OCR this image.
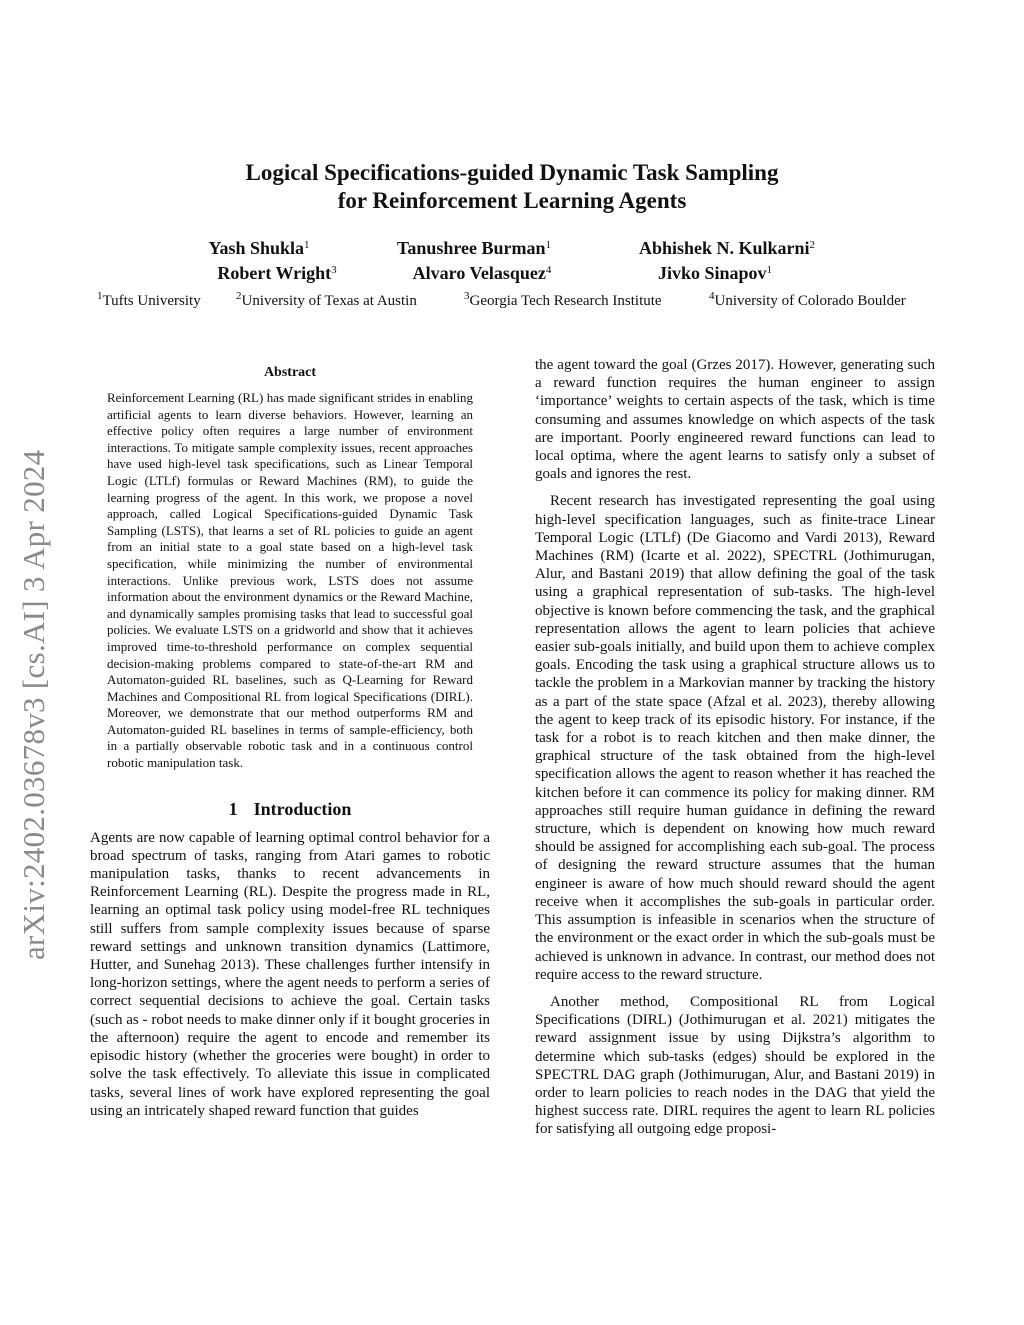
arXiv:2402.03678v3 [cs.AI] 3 Apr 2024
Logical Specifications-guided Dynamic Task Sampling
for Reinforcement Learning Agents
Yash Shukla$^1$	Tanushree Burman$^1$	Abhishek N. Kulkarni$^2$
Robert Wright$^3$	Alvaro Velasquez$^4$	Jivko Sinapov$^1$
$^1$Tufts University	$^2$University of Texas at Austin	$^3$Georgia Tech Research Institute	$^4$University of Colorado Boulder
Abstract

Reinforcement Learning (RL) has made significant strides in enabling artificial agents to learn diverse behaviors. However, learning an effective policy often requires a large number of environment interactions. To mitigate sample complexity issues, recent approaches have used high-level task specifications, such as Linear Temporal Logic (LTLf) formulas or Reward Machines (RM), to guide the learning progress of the agent. In this work, we propose a novel approach, called Logical Specifications-guided Dynamic Task Sampling (LSTS), that learns a set of RL policies to guide an agent from an initial state to a goal state based on a high-level task specification, while minimizing the number of environmental interactions. Unlike previous work, LSTS does not assume information about the environment dynamics or the Reward Machine, and dynamically samples promising tasks that lead to successful goal policies. We evaluate LSTS on a gridworld and show that it achieves improved time-to-threshold performance on complex sequential decision-making problems compared to state-of-the-art RM and Automaton-guided RL baselines, such as Q-Learning for Reward Machines and Compositional RL from logical Specifications (DIRL). Moreover, we demonstrate that our method outperforms RM and Automaton-guided RL baselines in terms of sample-efficiency, both in a partially observable robotic task and in a continuous control robotic manipulation task.

1 Introduction

Agents are now capable of learning optimal control behavior for a broad spectrum of tasks, ranging from Atari games to robotic manipulation tasks, thanks to recent advancements in Reinforcement Learning (RL). Despite the progress made in RL, learning an optimal task policy using model-free RL techniques still suffers from sample complexity issues because of sparse reward settings and unknown transition dynamics (Lattimore, Hutter, and Sunehag 2013). These challenges further intensify in long-horizon settings, where the agent needs to perform a series of correct sequential decisions to achieve the goal. Certain tasks (such as - robot needs to make dinner only if it bought groceries in the afternoon) require the agent to encode and remember its episodic history (whether the groceries were bought) in order to solve the task effectively. To alleviate this issue in complicated tasks, several lines of work have explored representing the goal using an intricately shaped reward function that guides

the agent toward the goal (Grzes 2017). However, generating such a reward function requires the human engineer to assign ‘importance’ weights to certain aspects of the task, which is time consuming and assumes knowledge on which aspects of the task are important. Poorly engineered reward functions can lead to local optima, where the agent learns to satisfy only a subset of goals and ignores the rest.

Recent research has investigated representing the goal using high-level specification languages, such as finite-trace Linear Temporal Logic (LTLf) (De Giacomo and Vardi 2013), Reward Machines (RM) (Icarte et al. 2022), SPECTRL (Jothimurugan, Alur, and Bastani 2019) that allow defining the goal of the task using a graphical representation of sub-tasks. The high-level objective is known before commencing the task, and the graphical representation allows the agent to learn policies that achieve easier sub-goals initially, and build upon them to achieve complex goals. Encoding the task using a graphical structure allows us to tackle the problem in a Markovian manner by tracking the history as a part of the state space (Afzal et al. 2023), thereby allowing the agent to keep track of its episodic history. For instance, if the task for a robot is to reach kitchen and then make dinner, the graphical structure of the task obtained from the high-level specification allows the agent to reason whether it has reached the kitchen before it can commence its policy for making dinner. RM approaches still require human guidance in defining the reward structure, which is dependent on knowing how much reward should be assigned for accomplishing each sub-goal. The process of designing the reward structure assumes that the human engineer is aware of how much should reward should the agent receive when it accomplishes the sub-goals in particular order. This assumption is infeasible in scenarios when the structure of the environment or the exact order in which the sub-goals must be achieved is unknown in advance. In contrast, our method does not require access to the reward structure.

Another method, Compositional RL from Logical Specifications (DIRL) (Jothimurugan et al. 2021) mitigates the reward assignment issue by using Dijkstra’s algorithm to determine which sub-tasks (edges) should be explored in the SPECTRL DAG graph (Jothimurugan, Alur, and Bastani 2019) in order to learn policies to reach nodes in the DAG that yield the highest success rate. DIRL requires the agent to learn RL policies for satisfying all outgoing edge proposi-
